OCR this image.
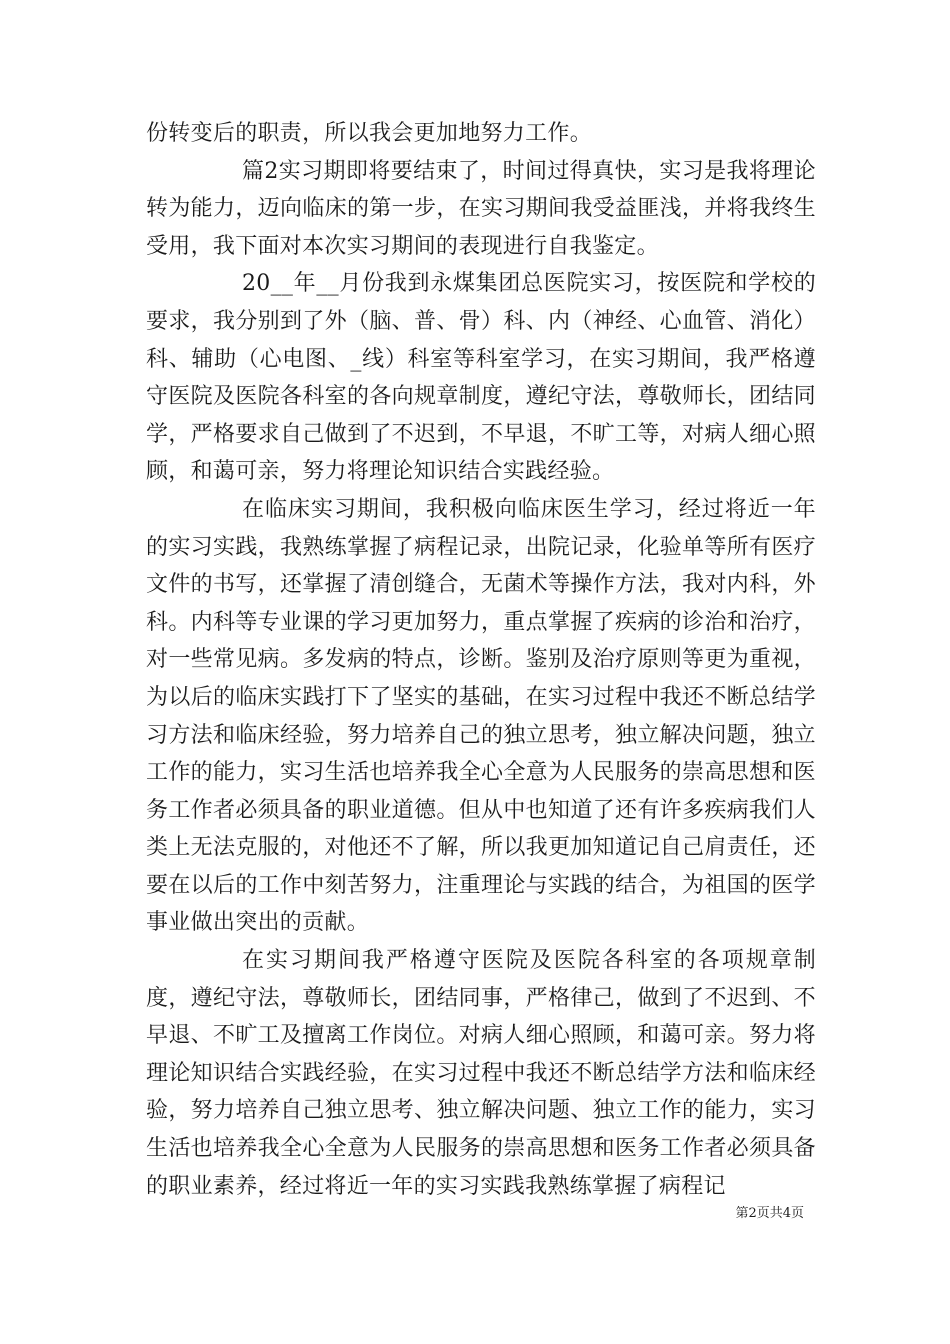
份转变后的职责，所以我会更加地努力工作。

篇2实习期即将要结束了，时间过得真快，实习是我将理论转为能力，迈向临床的第一步，在实习期间我受益匪浅，并将我终生受用，我下面对本次实习期间的表现进行自我鉴定。

20__年__月份我到永煤集团总医院实习，按医院和学校的要求，我分别到了外（脑、普、骨）科、内（神经、心血管、消化）科、辅助（心电图、_线）科室等科室学习，在实习期间，我严格遵守医院及医院各科室的各向规章制度，遵纪守法，尊敬师长，团结同学，严格要求自己做到了不迟到，不早退，不旷工等，对病人细心照顾，和蔼可亲，努力将理论知识结合实践经验。

在临床实习期间，我积极向临床医生学习，经过将近一年的实习实践，我熟练掌握了病程记录，出院记录，化验单等所有医疗文件的书写，还掌握了清创缝合，无菌术等操作方法，我对内科，外科。内科等专业课的学习更加努力，重点掌握了疾病的诊治和治疗，对一些常见病。多发病的特点，诊断。鉴别及治疗原则等更为重视，为以后的临床实践打下了坚实的基础，在实习过程中我还不断总结学习方法和临床经验，努力培养自己的独立思考，独立解决问题，独立工作的能力，实习生活也培养我全心全意为人民服务的崇高思想和医务工作者必须具备的职业道德。但从中也知道了还有许多疾病我们人类上无法克服的，对他还不了解，所以我更加知道记自己肩责任，还要在以后的工作中刻苦努力，注重理论与实践的结合，为祖国的医学事业做出突出的贡献。

在实习期间我严格遵守医院及医院各科室的各项规章制度，遵纪守法，尊敬师长，团结同事，严格律己，做到了不迟到、不早退、不旷工及擅离工作岗位。对病人细心照顾，和蔼可亲。努力将理论知识结合实践经验，在实习过程中我还不断总结学方法和临床经验，努力培养自己独立思考、独立解决问题、独立工作的能力，实习生活也培养我全心全意为人民服务的崇高思想和医务工作者必须具备的职业素养，经过将近一年的实习实践我熟练掌握了病程记

第2页共4页
